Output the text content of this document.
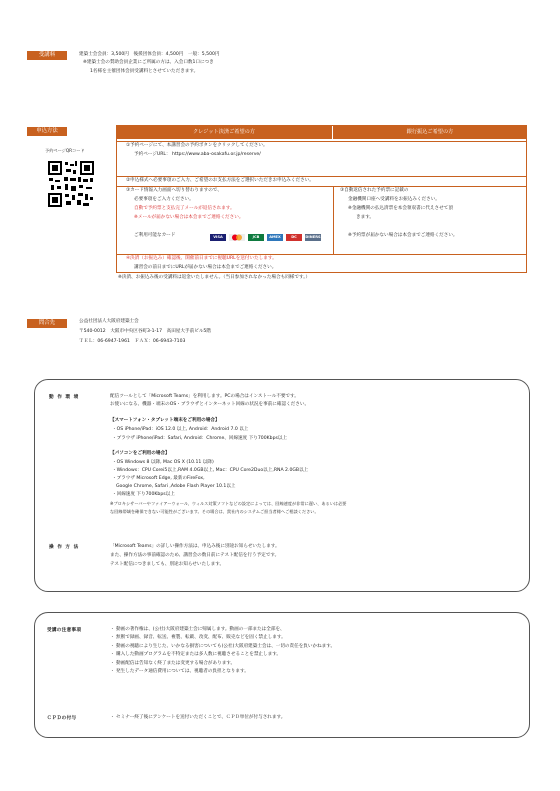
受講料	建築士会会員：3,500円　後援団体会員：4,500円　一般：5,500円
※建築士会の賛助会員企業にご所属の方は、入会口数1口につき
1名様を主催団体会員受講料とさせていただきます。
申込方法
予約ページQRコード
クレジット決済ご希望の方	銀行振込ご希望の方
①予約ページにて、本講習会の予約ボタンをクリックしてください。
予約ページURL： https://www.aba-osakafu.or.jp/reserve/
②申込様式へ必要事項のご入力、ご希望のお支払方法をご選択いただきお申込みください。
③カード情報入力画面へ切り替わりますので、
必要事項をご入力ください。
自動で予約票と支払完了メールが返信されます。
※メールが届かない場合は本会までご連絡ください。
ご利用可能なカード	VISA	JCB	AMEX	DC	DINERS
③自動返信された予約票に記載の
金融機関口座へ受講料をお振込みください。
※金融機関の払込済票を本会領収書に代えさせて頂
きます。
※予約票が届かない場合は本会までご連絡ください。
④決済（お振込み）確認後、開催前日までに視聴URLを送付いたします。
講習会の前日までにURLが届かない場合は本会までご連絡ください。
※決済、お振込み後の受講料は返金いたしません。（当日参加されなかった場合も同様です。）
問合先	公益社団法人大阪府建築士会
〒540-0012　大阪市中央区谷町3-1-17　高田屋大手前ビル5階
ＴＥＬ：06-6947-1961　ＦＡＸ：06-6943-7103
動 作 環 境	配信ツールとして「Microsoft Teams」を利用します。PCの場合はインストール不要です。
お使いになる、機器・端末のOS・ブラウザとインターネット回線の状況を事前に確認ください。
【スマートフォン・タブレット端末をご利用の場合】
・OS iPhone/iPad：iOS 12.0 以上, Android：Android 7.0 以上
・ブラウザ iPhone/iPad：Safari, Android：Chrome、回線速度 下り700Kbps以上
【パソコンをご利用の場合】
・OS Windows 8 以降, Mac OS X (10.11 以降)
・Windows：CPU Corei5以上,RAM 4.0GB以上, Mac：CPU Core2Duo以上,RNA 2.0GB以上
・ブラウザ Microsoft Edge, 最新のFireFox,
Google Chrome, Safari ,Adobe Flash Player 10.1以上
・回線速度 下り700Kbps以上
※プロキシサーバーやファイアーウォール、ウィルス対策ソフトなどの設定によっては、回線速度が非常に遅い、あるいは必要
な回線帯域を確保できない可能性がございます。その場合は、貴社内のシステムご担当者様へご相談ください。
操 作 方 法	「Microsoft Teams」の詳しい操作方法は、申込み後に別途お知らせいたします。
また、操作方法の事前確認のため、講習会の数日前にテスト配信を行う予定です。
テスト配信につきましても、別途お知らせいたします。
受講の注意事項	・ 動画の著作権は、(公社)大阪府建築士会に帰属します。動画の一部または全部を、
・ 無断で録画、録音、転送、複製、転載、改変、配布、販売などを固く禁止します。
・ 動画の視聴により生じた、いかなる損害についても(公社)大阪府建築士会は、一切の責任を負いかねます。
・ 購入した動画プログラムを不特定または多人数に視聴させることを禁止します。
・ 動画配信は告知なく終了または変更する場合があります。
・ 発生したデータ通信費用については、視聴者の負担となります。
ＣＰＤの付与	・ セミナー終了後にアンケートを送付いただくことで、ＣＰＤ単位が付与されます。
